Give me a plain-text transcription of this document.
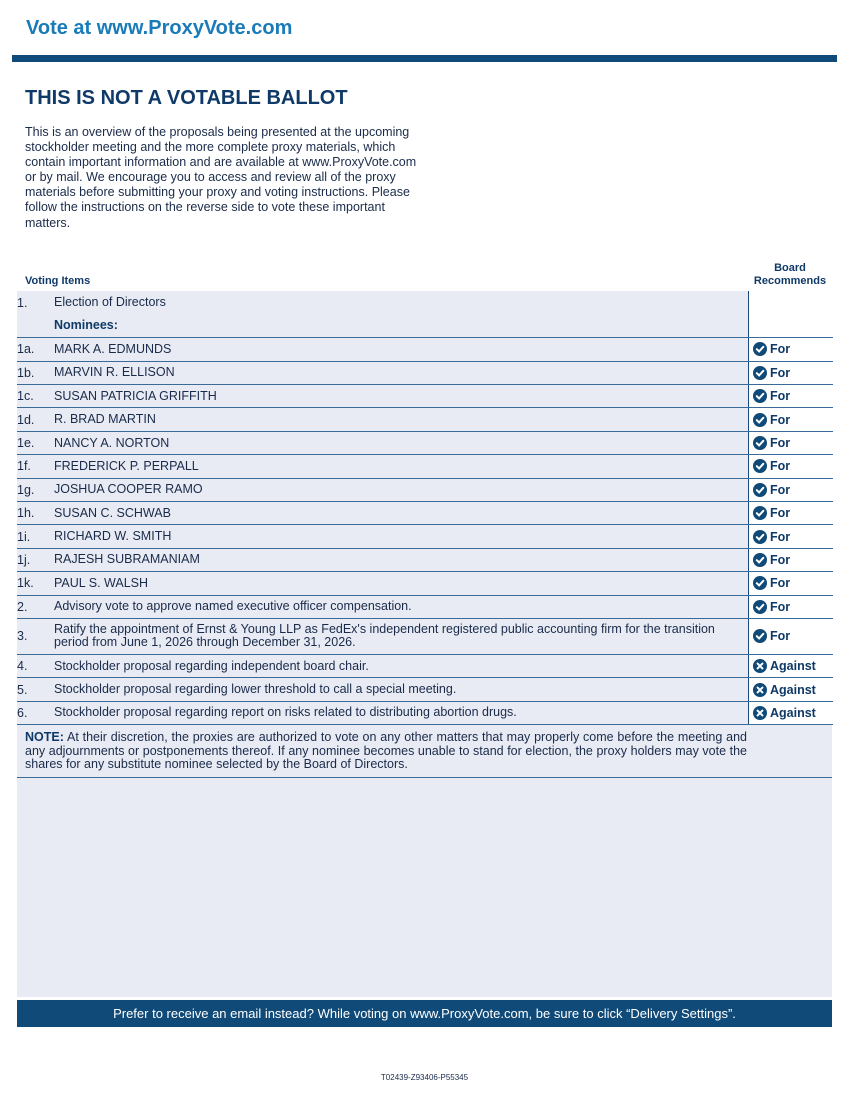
Vote at www.ProxyVote.com
THIS IS NOT A VOTABLE BALLOT
This is an overview of the proposals being presented at the upcoming stockholder meeting and the more complete proxy materials, which contain important information and are available at www.ProxyVote.com or by mail. We encourage you to access and review all of the proxy materials before submitting your proxy and voting instructions. Please follow the instructions on the reverse side to vote these important matters.
Voting Items
Board Recommends
1.	Election of Directors	
	Nominees:	
1a.	MARK A. EDMUNDS	For

1b.	MARVIN R. ELLISON	For

1c.	SUSAN PATRICIA GRIFFITH	For

1d.	R. BRAD MARTIN	For

1e.	NANCY A. NORTON	For

1f.	FREDERICK P. PERPALL	For

1g.	JOSHUA COOPER RAMO	For

1h.	SUSAN C. SCHWAB	For

1i.	RICHARD W. SMITH	For

1j.	RAJESH SUBRAMANIAM	For

1k.	PAUL S. WALSH	For

2.	Advisory vote to approve named executive officer compensation.	For

3.	Ratify the appointment of Ernst & Young LLP as FedEx's independent registered public accounting firm for the transition period from June 1, 2026 through December 31, 2026.	For

4.	Stockholder proposal regarding independent board chair.	Against

5.	Stockholder proposal regarding lower threshold to call a special meeting.	Against

6.	Stockholder proposal regarding report on risks related to distributing abortion drugs.	Against
NOTE: At their discretion, the proxies are authorized to vote on any other matters that may properly come before the meeting and any adjournments or postponements thereof. If any nominee becomes unable to stand for election, the proxy holders may vote the shares for any substitute nominee selected by the Board of Directors.
Prefer to receive an email instead? While voting on www.ProxyVote.com, be sure to click “Delivery Settings”.
T02439-Z93406-P55345
